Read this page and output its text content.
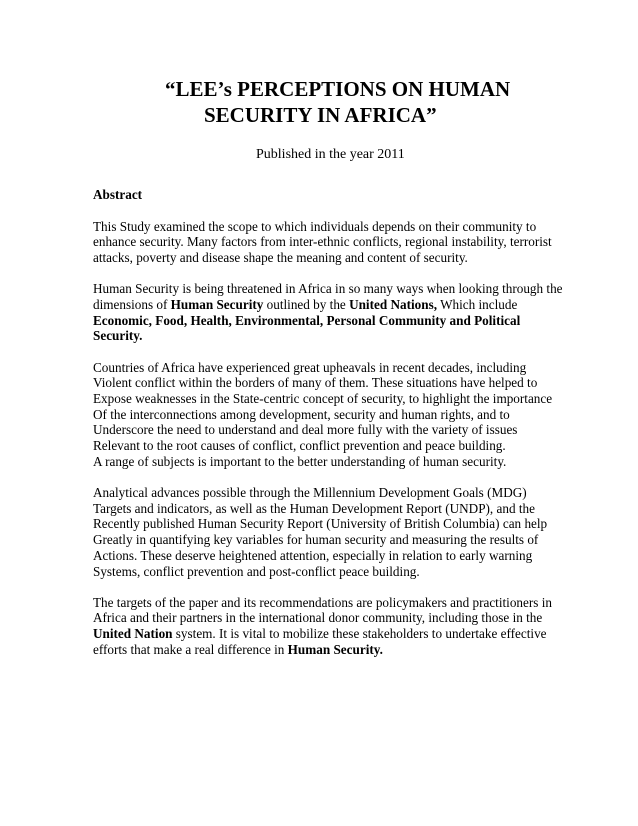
“LEE’s PERCEPTIONS ON HUMAN
SECURITY IN AFRICA”
Published in the year 2011
Abstract
This Study examined the scope to which individuals depends on their community to
enhance security. Many factors from inter-ethnic conflicts, regional instability, terrorist
attacks, poverty and disease shape the meaning and content of security.
Human Security is being threatened in Africa in so many ways when looking through the
dimensions of Human Security outlined by the United Nations, Which include
Economic, Food, Health, Environmental, Personal Community and Political
Security.
Countries of Africa have experienced great upheavals in recent decades, including
Violent conflict within the borders of many of them. These situations have helped to
Expose weaknesses in the State-centric concept of security, to highlight the importance
Of the interconnections among development, security and human rights, and to
Underscore the need to understand and deal more fully with the variety of issues
Relevant to the root causes of conflict, conflict prevention and peace building.
A range of subjects is important to the better understanding of human security.
Analytical advances possible through the Millennium Development Goals (MDG)
Targets and indicators, as well as the Human Development Report (UNDP), and the
Recently published Human Security Report (University of British Columbia) can help
Greatly in quantifying key variables for human security and measuring the results of
Actions. These deserve heightened attention, especially in relation to early warning
Systems, conflict prevention and post-conflict peace building.
The targets of the paper and its recommendations are policymakers and practitioners in
Africa and their partners in the international donor community, including those in the
United Nation system. It is vital to mobilize these stakeholders to undertake effective
efforts that make a real difference in Human Security.
